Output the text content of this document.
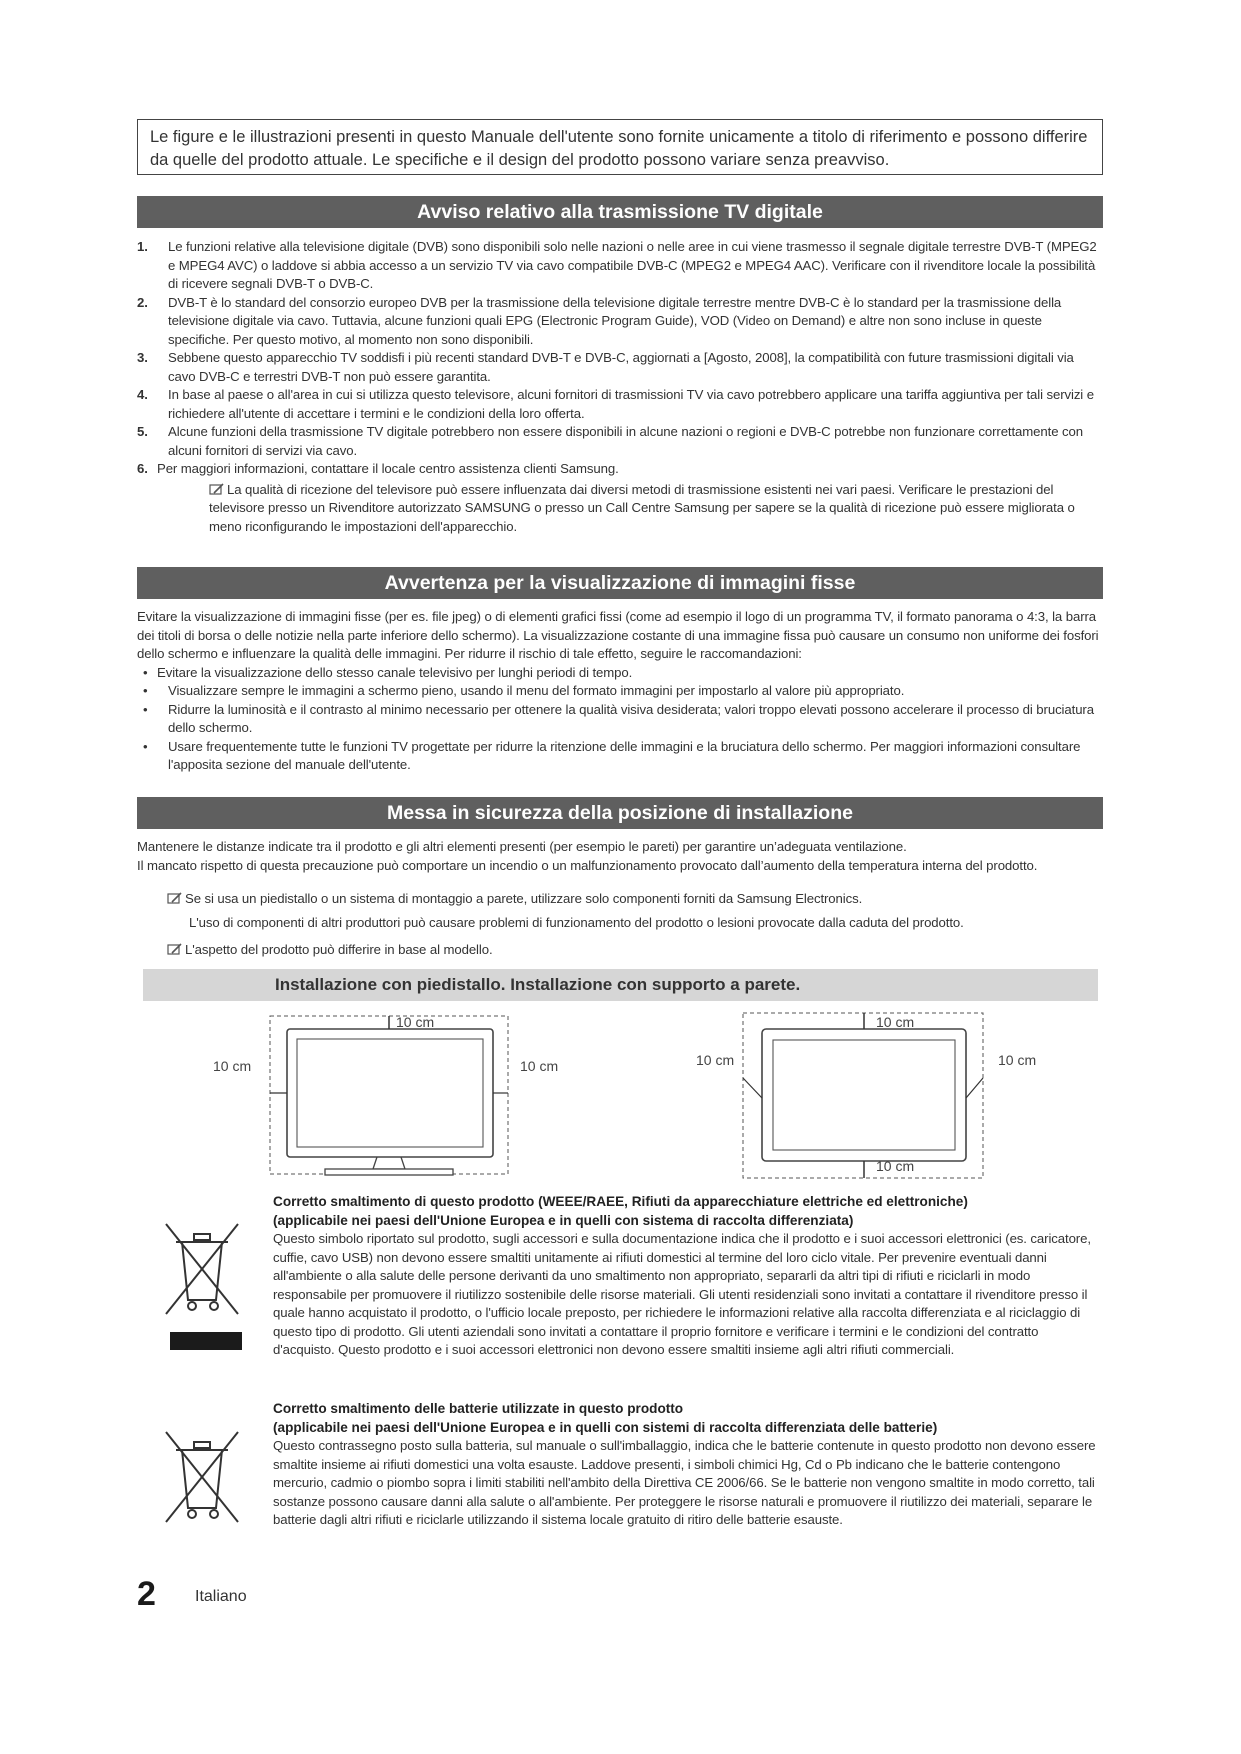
Le figure e le illustrazioni presenti in questo Manuale dell'utente sono fornite unicamente a titolo di riferimento e possono differire da quelle del prodotto attuale. Le specifiche e il design del prodotto possono variare senza preavviso.
Avviso relativo alla trasmissione TV digitale
1. Le funzioni relative alla televisione digitale (DVB) sono disponibili solo nelle nazioni o nelle aree in cui viene trasmesso il segnale digitale terrestre DVB-T (MPEG2 e MPEG4 AVC) o laddove si abbia accesso a un servizio TV via cavo compatibile DVB-C (MPEG2 e MPEG4 AAC). Verificare con il rivenditore locale la possibilità di ricevere segnali DVB-T o DVB-C.
2. DVB-T è lo standard del consorzio europeo DVB per la trasmissione della televisione digitale terrestre mentre DVB-C è lo standard per la trasmissione della televisione digitale via cavo. Tuttavia, alcune funzioni quali EPG (Electronic Program Guide), VOD (Video on Demand) e altre non sono incluse in queste specifiche. Per questo motivo, al momento non sono disponibili.
3. Sebbene questo apparecchio TV soddisfi i più recenti standard DVB-T e DVB-C, aggiornati a [Agosto, 2008], la compatibilità con future trasmissioni digitali via cavo DVB-C e terrestri DVB-T non può essere garantita.
4. In base al paese o all'area in cui si utilizza questo televisore, alcuni fornitori di trasmissioni TV via cavo potrebbero applicare una tariffa aggiuntiva per tali servizi e richiedere all'utente di accettare i termini e le condizioni della loro offerta.
5. Alcune funzioni della trasmissione TV digitale potrebbero non essere disponibili in alcune nazioni o regioni e DVB-C potrebbe non funzionare correttamente con alcuni fornitori di servizi via cavo.
6. Per maggiori informazioni, contattare il locale centro assistenza clienti Samsung.
La qualità di ricezione del televisore può essere influenzata dai diversi metodi di trasmissione esistenti nei vari paesi. Verificare le prestazioni del televisore presso un Rivenditore autorizzato SAMSUNG o presso un Call Centre Samsung per sapere se la qualità di ricezione può essere migliorata o meno riconfigurando le impostazioni dell'apparecchio.
Avvertenza per la visualizzazione di immagini fisse
Evitare la visualizzazione di immagini fisse (per es. file jpeg) o di elementi grafici fissi (come ad esempio il logo di un programma TV, il formato panorama o 4:3, la barra dei titoli di borsa o delle notizie nella parte inferiore dello schermo). La visualizzazione costante di una immagine fissa può causare un consumo non uniforme dei fosfori dello schermo e influenzare la qualità delle immagini. Per ridurre il rischio di tale effetto, seguire le raccomandazioni:
• Evitare la visualizzazione dello stesso canale televisivo per lunghi periodi di tempo.
• Visualizzare sempre le immagini a schermo pieno, usando il menu del formato immagini per impostarlo al valore più appropriato.
• Ridurre la luminosità e il contrasto al minimo necessario per ottenere la qualità visiva desiderata; valori troppo elevati possono accelerare il processo di bruciatura dello schermo.
• Usare frequentemente tutte le funzioni TV progettate per ridurre la ritenzione delle immagini e la bruciatura dello schermo. Per maggiori informazioni consultare l'apposita sezione del manuale dell'utente.
Messa in sicurezza della posizione di installazione
Mantenere le distanze indicate tra il prodotto e gli altri elementi presenti (per esempio le pareti) per garantire un’adeguata ventilazione.
Il mancato rispetto di questa precauzione può comportare un incendio o un malfunzionamento provocato dall’aumento della temperatura interna del prodotto.
Se si usa un piedistallo o un sistema di montaggio a parete, utilizzare solo componenti forniti da Samsung Electronics.
L'uso di componenti di altri produttori può causare problemi di funzionamento del prodotto o lesioni provocate dalla caduta del prodotto.
L'aspetto del prodotto può differire in base al modello.
Installazione con piedistallo. Installazione con supporto a parete.
10 cm
10 cm	10 cm
10 cm
10 cm	10 cm
10 cm
Corretto smaltimento di questo prodotto (WEEE/RAEE, Rifiuti da apparecchiature elettriche ed elettroniche)
(applicabile nei paesi dell'Unione Europea e in quelli con sistema di raccolta differenziata)
Questo simbolo riportato sul prodotto, sugli accessori e sulla documentazione indica che il prodotto e i suoi accessori elettronici (es. caricatore, cuffie, cavo USB) non devono essere smaltiti unitamente ai rifiuti domestici al termine del loro ciclo vitale. Per prevenire eventuali danni all'ambiente o alla salute delle persone derivanti da uno smaltimento non appropriato, separarli da altri tipi di rifiuti e riciclarli in modo responsabile per promuovere il riutilizzo sostenibile delle risorse materiali. Gli utenti residenziali sono invitati a contattare il rivenditore presso il quale hanno acquistato il prodotto, o l'ufficio locale preposto, per richiedere le informazioni relative alla raccolta differenziata e al riciclaggio di questo tipo di prodotto. Gli utenti aziendali sono invitati a contattare il proprio fornitore e verificare i termini e le condizioni del contratto d'acquisto. Questo prodotto e i suoi accessori elettronici non devono essere smaltiti insieme agli altri rifiuti commerciali.
Corretto smaltimento delle batterie utilizzate in questo prodotto
(applicabile nei paesi dell'Unione Europea e in quelli con sistemi di raccolta differenziata delle batterie)
Questo contrassegno posto sulla batteria, sul manuale o sull'imballaggio, indica che le batterie contenute in questo prodotto non devono essere smaltite insieme ai rifiuti domestici una volta esauste. Laddove presenti, i simboli chimici Hg, Cd o Pb indicano che le batterie contengono mercurio, cadmio o piombo sopra i limiti stabiliti nell'ambito della Direttiva CE 2006/66. Se le batterie non vengono smaltite in modo corretto, tali sostanze possono causare danni alla salute o all'ambiente. Per proteggere le risorse naturali e promuovere il riutilizzo dei materiali, separare le batterie dagli altri rifiuti e riciclarle utilizzando il sistema locale gratuito di ritiro delle batterie esauste.
2 Italiano
